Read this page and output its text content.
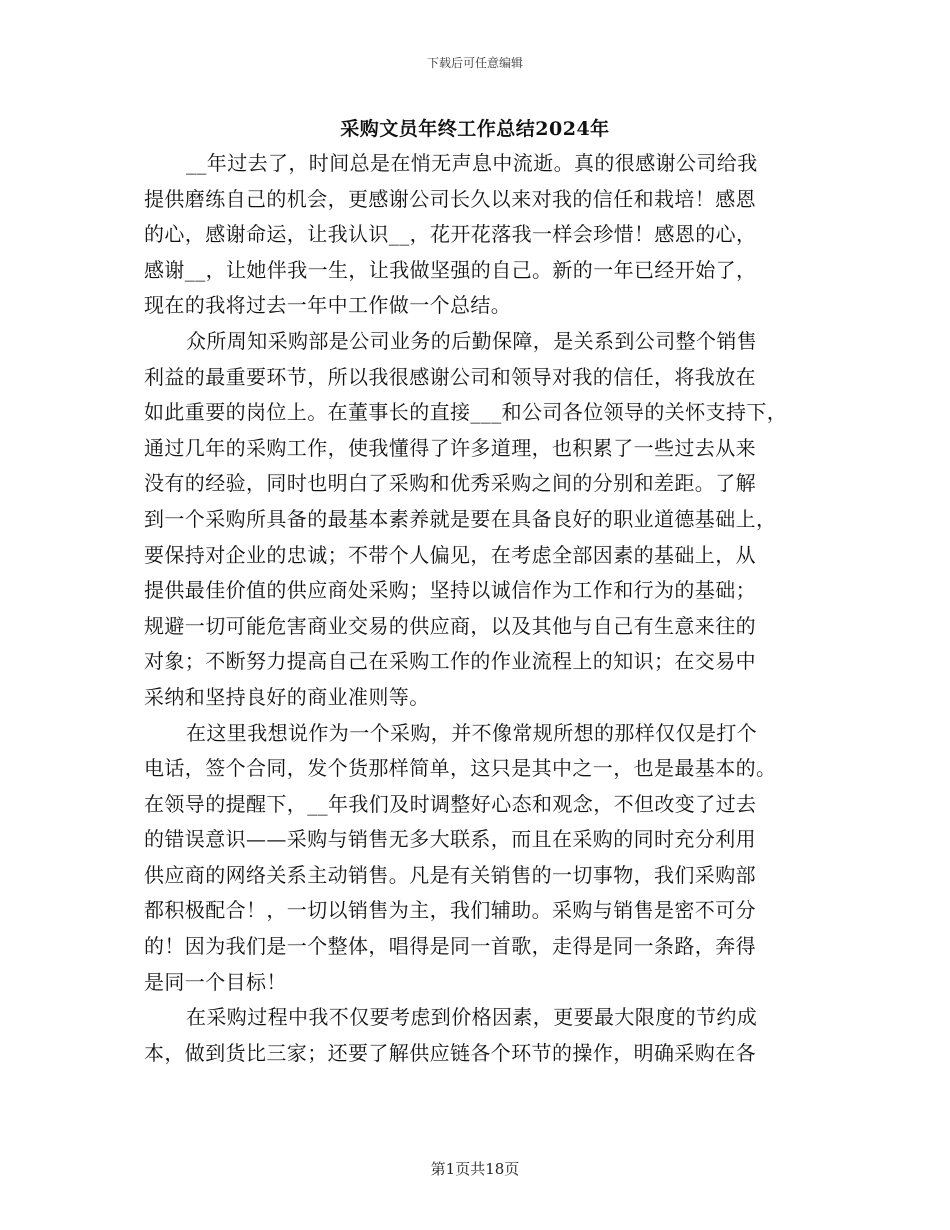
下载后可任意编辑
采购文员年终工作总结2024年
__年过去了，时间总是在悄无声息中流逝。真的很感谢公司给我
提供磨练自己的机会，更感谢公司长久以来对我的信任和栽培！感恩
的心，感谢命运，让我认识__，花开花落我一样会珍惜！感恩的心，
感谢__，让她伴我一生，让我做坚强的自己。新的一年已经开始了，
现在的我将过去一年中工作做一个总结。
众所周知采购部是公司业务的后勤保障，是关系到公司整个销售
利益的最重要环节，所以我很感谢公司和领导对我的信任，将我放在
如此重要的岗位上。在董事长的直接___和公司各位领导的关怀支持下，
通过几年的采购工作，使我懂得了许多道理，也积累了一些过去从来
没有的经验，同时也明白了采购和优秀采购之间的分别和差距。了解
到一个采购所具备的最基本素养就是要在具备良好的职业道德基础上，
要保持对企业的忠诚；不带个人偏见，在考虑全部因素的基础上，从
提供最佳价值的供应商处采购；坚持以诚信作为工作和行为的基础；
规避一切可能危害商业交易的供应商，以及其他与自己有生意来往的
对象；不断努力提高自己在采购工作的作业流程上的知识；在交易中
采纳和坚持良好的商业准则等。
在这里我想说作为一个采购，并不像常规所想的那样仅仅是打个
电话，签个合同，发个货那样简单，这只是其中之一，也是最基本的。
在领导的提醒下，__年我们及时调整好心态和观念，不但改变了过去
的错误意识——采购与销售无多大联系，而且在采购的同时充分利用
供应商的网络关系主动销售。凡是有关销售的一切事物，我们采购部
都积极配合！，一切以销售为主，我们辅助。采购与销售是密不可分
的！因为我们是一个整体，唱得是同一首歌，走得是同一条路，奔得
是同一个目标！
在采购过程中我不仅要考虑到价格因素，更要最大限度的节约成
本，做到货比三家；还要了解供应链各个环节的操作，明确采购在各
第1页共18页
